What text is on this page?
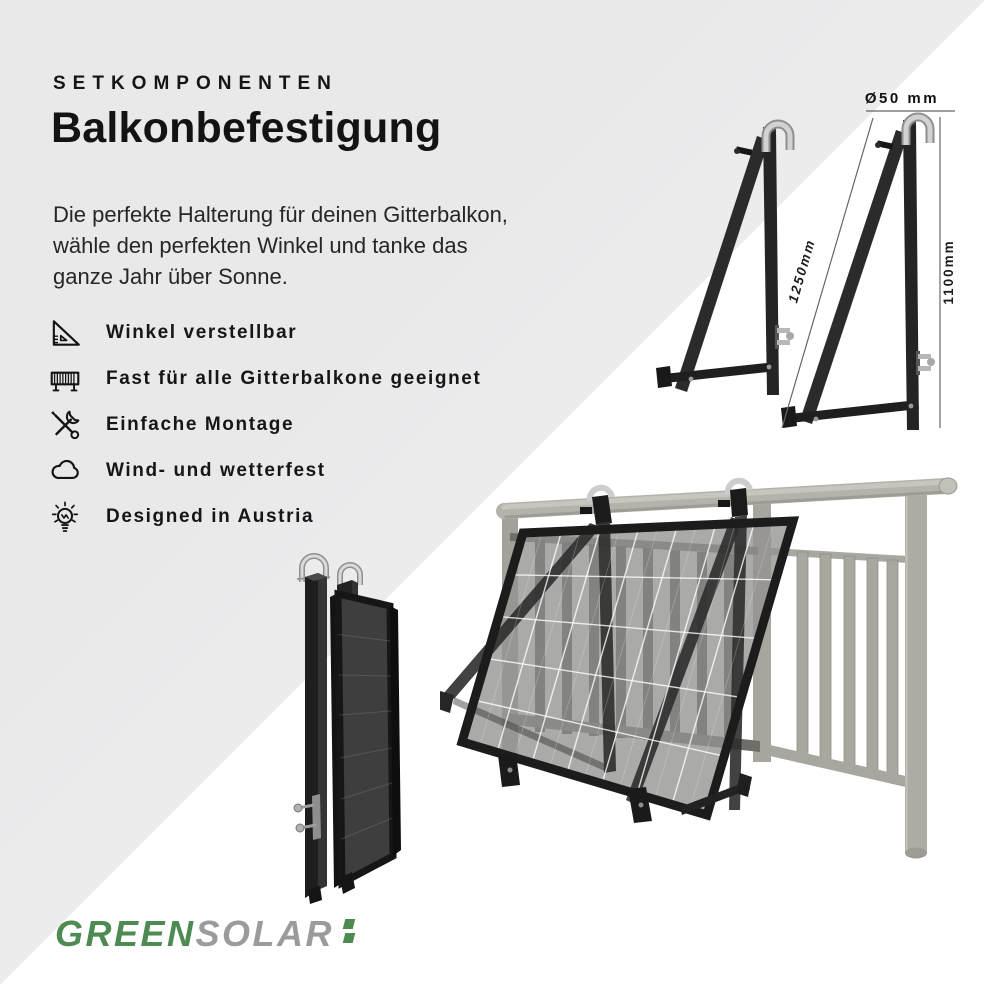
SETKOMPONENTEN
Balkonbefestigung
Die perfekte Halterung für deinen Gitterbalkon, wähle den perfekten Winkel und tanke das ganze Jahr über Sonne.
Winkel verstellbar
Fast für alle Gitterbalkone geeignet
Einfache Montage
Wind- und wetterfest
Designed in Austria
Ø50 mm
1250mm	1100mm
GREEN SOLAR
